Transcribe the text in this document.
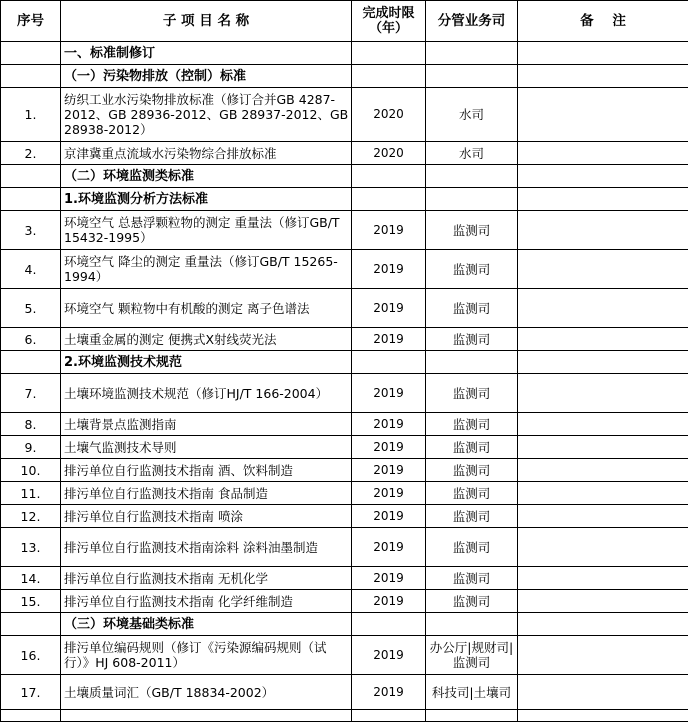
序号	子 项 目 名 称	完成时限（年）	分管业务司	备    注
	一、标准制修订			
	（一）污染物排放（控制）标准			
1.	纺织工业水污染物排放标准（修订合并GB 4287-2012、GB 28936-2012、GB 28937-2012、GB 28938-2012）	2020	水司	
2.	京津冀重点流域水污染物综合排放标准	2020	水司	
	（二）环境监测类标准			
	1.环境监测分析方法标准			
3.	环境空气 总悬浮颗粒物的测定 重量法（修订GB/T 15432-1995）	2019	监测司	
4.	环境空气 降尘的测定 重量法（修订GB/T 15265-1994）	2019	监测司	
5.	环境空气 颗粒物中有机酸的测定 离子色谱法	2019	监测司	
6.	土壤重金属的测定 便携式X射线荧光法	2019	监测司	
	2.环境监测技术规范			
7.	土壤环境监测技术规范（修订HJ/T 166-2004）	2019	监测司	
8.	土壤背景点监测指南	2019	监测司	
9.	土壤气监测技术导则	2019	监测司	
10.	排污单位自行监测技术指南 酒、饮料制造	2019	监测司	
11.	排污单位自行监测技术指南 食品制造	2019	监测司	
12.	排污单位自行监测技术指南 喷涂	2019	监测司	
13.	排污单位自行监测技术指南涂料 涂料油墨制造	2019	监测司	
14.	排污单位自行监测技术指南 无机化学	2019	监测司	
15.	排污单位自行监测技术指南 化学纤维制造	2019	监测司	
	（三）环境基础类标准			
16.	排污单位编码规则（修订《污染源编码规则（试行）》HJ 608-2011）	2019	办公厅|规财司|监测司	
17.	土壤质量词汇（GB/T 18834-2002）	2019	科技司|土壤司	
